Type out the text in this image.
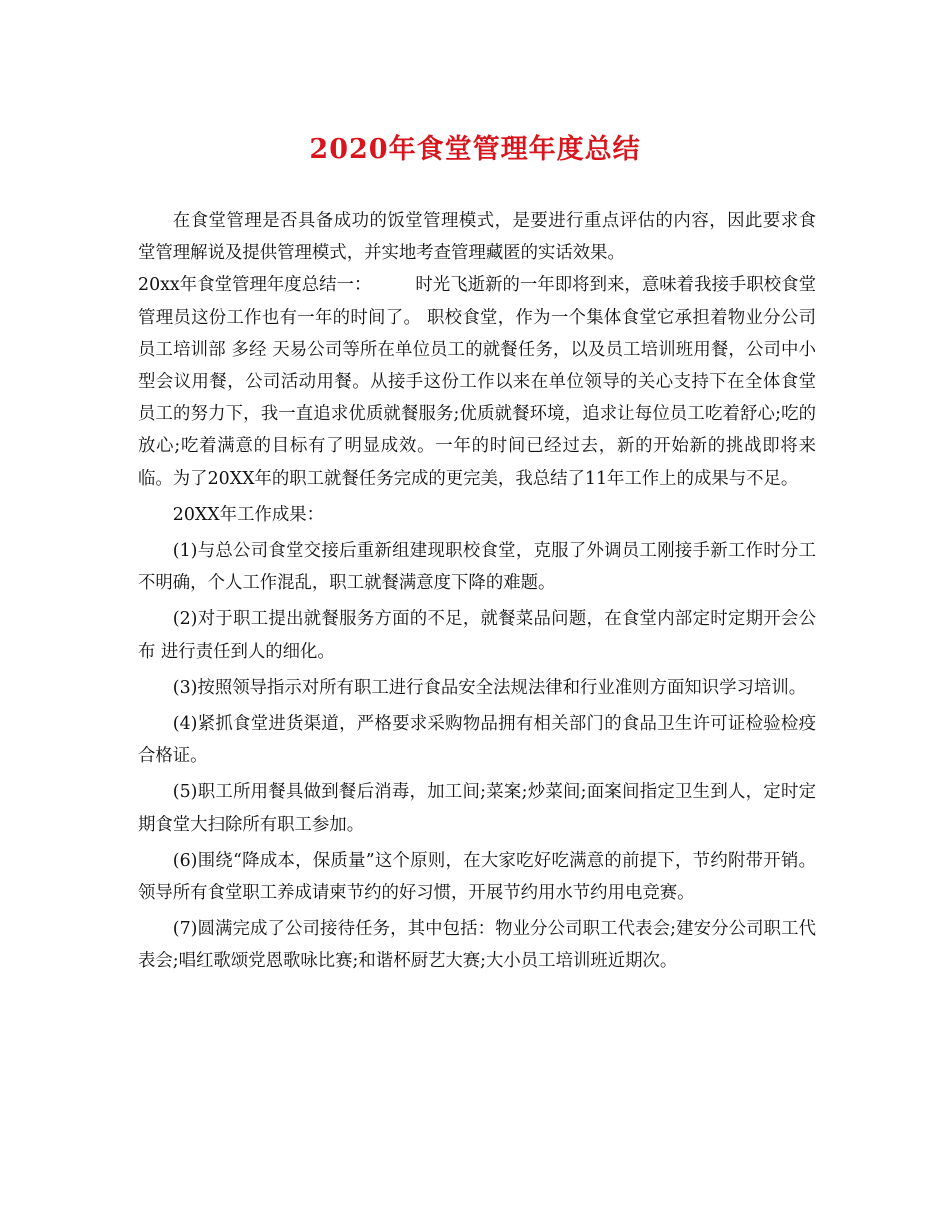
2020年食堂管理年度总结

在食堂管理是否具备成功的饭堂管理模式，是要进行重点评估的内容，因此要求食堂管理解说及提供管理模式，并实地考查管理藏匿的实话效果。

20xx年食堂管理年度总结一：	时光飞逝新的一年即将到来，意味着我接手职校食堂管理员这份工作也有一年的时间了。 职校食堂，作为一个集体食堂它承担着物业分公司 员工培训部 多经 天易公司等所在单位员工的就餐任务，以及员工培训班用餐，公司中小型会议用餐，公司活动用餐。从接手这份工作以来在单位领导的关心支持下在全体食堂员工的努力下，我一直追求优质就餐服务;优质就餐环境，追求让每位员工吃着舒心;吃的放心;吃着满意的目标有了明显成效。一年的时间已经过去，新的开始新的挑战即将来临。为了20XX年的职工就餐任务完成的更完美，我总结了11年工作上的成果与不足。

20XX年工作成果：

(1)与总公司食堂交接后重新组建现职校食堂，克服了外调员工刚接手新工作时分工不明确，个人工作混乱，职工就餐满意度下降的难题。

(2)对于职工提出就餐服务方面的不足，就餐菜品问题，在食堂内部定时定期开会公布 进行责任到人的细化。

(3)按照领导指示对所有职工进行食品安全法规法律和行业准则方面知识学习培训。

(4)紧抓食堂进货渠道，严格要求采购物品拥有相关部门的食品卫生许可证检验检疫合格证。

(5)职工所用餐具做到餐后消毒，加工间;菜案;炒菜间;面案间指定卫生到人，定时定期食堂大扫除所有职工参加。

(6)围绕“降成本，保质量”这个原则，在大家吃好吃满意的前提下，节约附带开销。领导所有食堂职工养成请柬节约的好习惯，开展节约用水节约用电竞赛。

(7)圆满完成了公司接待任务，其中包括：物业分公司职工代表会;建安分公司职工代表会;唱红歌颂党恩歌咏比赛;和谐杯厨艺大赛;大小员工培训班近期次。
